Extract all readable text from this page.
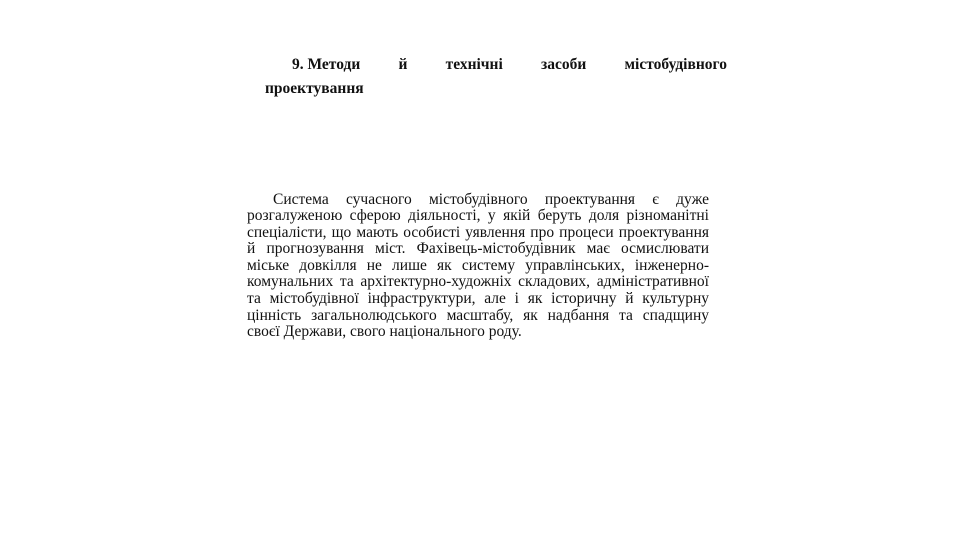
9. Методи й технічні засоби містобудівного
проектування

Система сучасного містобудівного проектування є дуже розгалуженою сферою діяльності, у якій беруть доля різноманітні спеціалісти, що мають особисті уявлення про процеси проектування й прогнозування міст. Фахівець-містобудівник має осмислювати міське довкілля не лише як систему управлінських, інженерно-комунальних та архітектурно-художніх складових, адміністративної та містобудівної інфраструктури, але і як історичну й культурну цінність загальнолюдського масштабу, як надбання та спадщину своєї Держави, свого національного роду.
